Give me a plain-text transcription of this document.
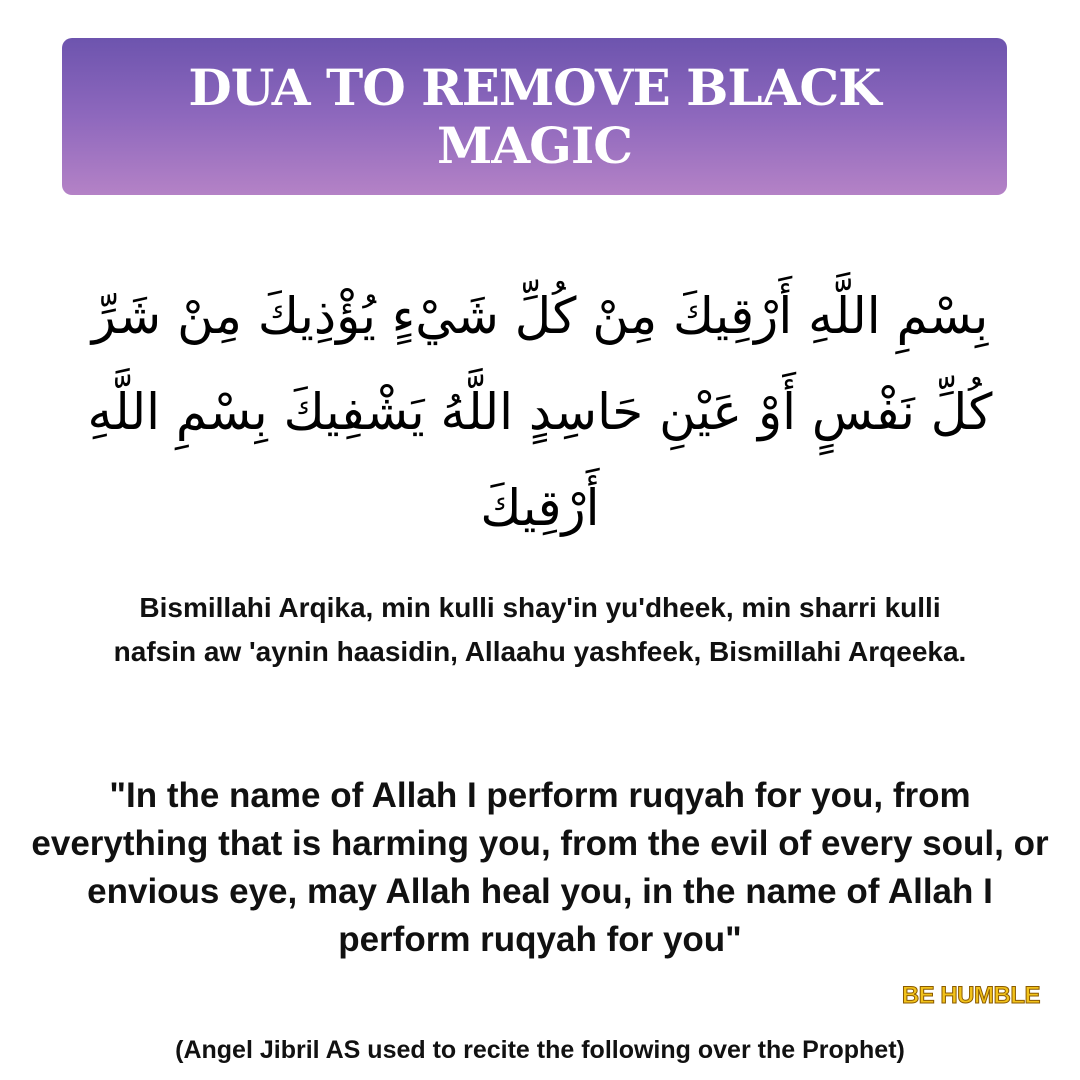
DUA TO REMOVE BLACK MAGIC
بِسْمِ اللَّهِ أَرْقِيكَ مِنْ كُلِّ شَيْءٍ يُؤْذِيكَ مِنْ شَرِّ كُلِّ نَفْسٍ أَوْ عَيْنِ حَاسِدٍ اللَّهُ يَشْفِيكَ بِسْمِ اللَّهِ أَرْقِيكَ
Bismillahi Arqika, min kulli shay'in yu'dheek, min sharri kulli nafsin aw 'aynin haasidin, Allaahu yashfeek, Bismillahi Arqeeka.
"In the name of Allah I perform ruqyah for you, from everything that is harming you, from the evil of every soul, or envious eye, may Allah heal you, in the name of Allah I perform ruqyah for you"
BE HUMBLE
(Angel Jibril AS used to recite the following over the Prophet)
